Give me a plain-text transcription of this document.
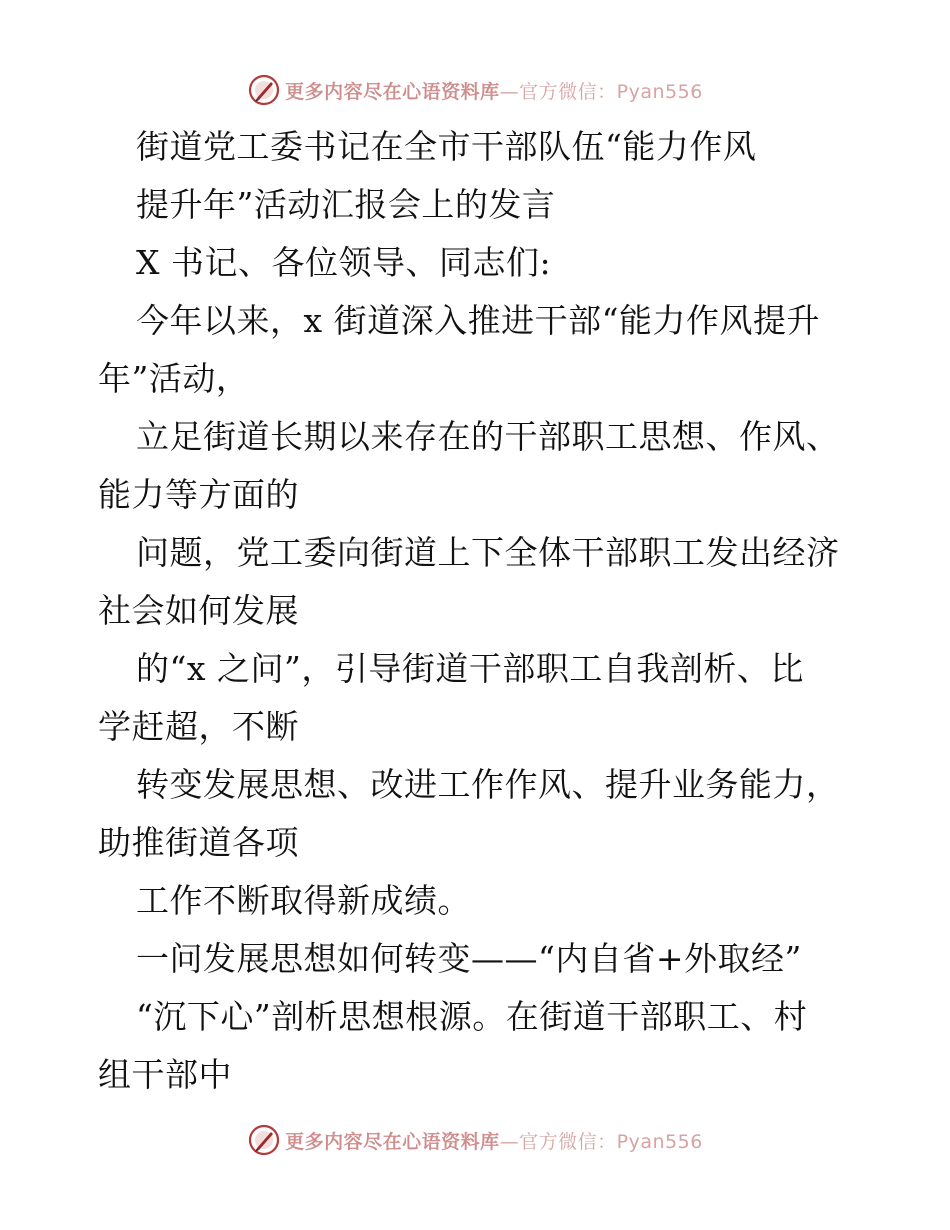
更多内容尽在心语资料库—官方微信：Pyan556
街道党工委书记在全市干部队伍“能力作风
提升年”活动汇报会上的发言
X 书记、各位领导、同志们:
今年以来，x 街道深入推进干部“能力作风提升
年”活动，
立足街道长期以来存在的干部职工思想、作风、
能力等方面的
问题，党工委向街道上下全体干部职工发出经济
社会如何发展
的“x 之问”，引导街道干部职工自我剖析、比
学赶超，不断
转变发展思想、改进工作作风、提升业务能力，
助推街道各项
工作不断取得新成绩。
一问发展思想如何转变——“内自省+外取经”
“沉下心”剖析思想根源。在街道干部职工、村
组干部中
更多内容尽在心语资料库—官方微信：Pyan556
